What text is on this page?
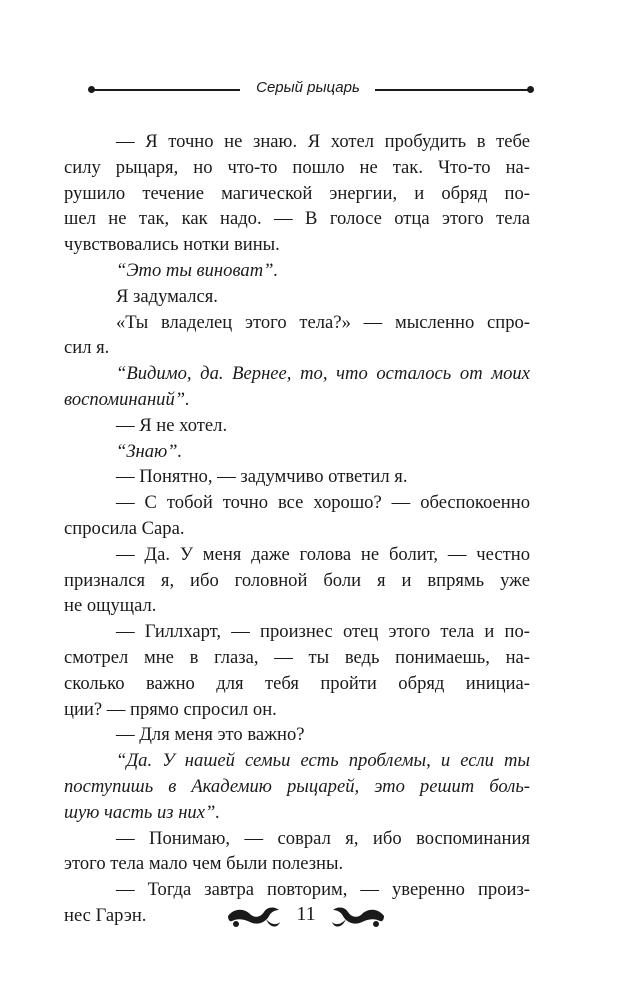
Серый рыцарь
— Я точно не знаю. Я хотел пробудить в тебе
силу рыцаря, но что-то пошло не так. Что-то на-
рушило течение магической энергии, и обряд по-
шел не так, как надо. — В голосе отца этого тела
чувствовались нотки вины.
“Это ты виноват”.
Я задумался.
«Ты владелец этого тела?» — мысленно спро-
сил я.
“Видимо, да. Вернее, то, что осталось от моих
воспоминаний”.
— Я не хотел.
“Знаю”.
— Понятно, — задумчиво ответил я.
— С тобой точно все хорошо? — обеспокоенно
спросила Сара.
— Да. У меня даже голова не болит, — честно
признался я, ибо головной боли я и впрямь уже
не ощущал.
— Гиллхарт, — произнес отец этого тела и по-
смотрел мне в глаза, — ты ведь понимаешь, на-
сколько важно для тебя пройти обряд инициа-
ции? — прямо спросил он.
— Для меня это важно?
“Да. У нашей семьи есть проблемы, и если ты
поступишь в Академию рыцарей, это решит боль-
шую часть из них”.
— Понимаю, — соврал я, ибо воспоминания
этого тела мало чем были полезны.
— Тогда завтра повторим, — уверенно произ-
нес Гарэн.	11
